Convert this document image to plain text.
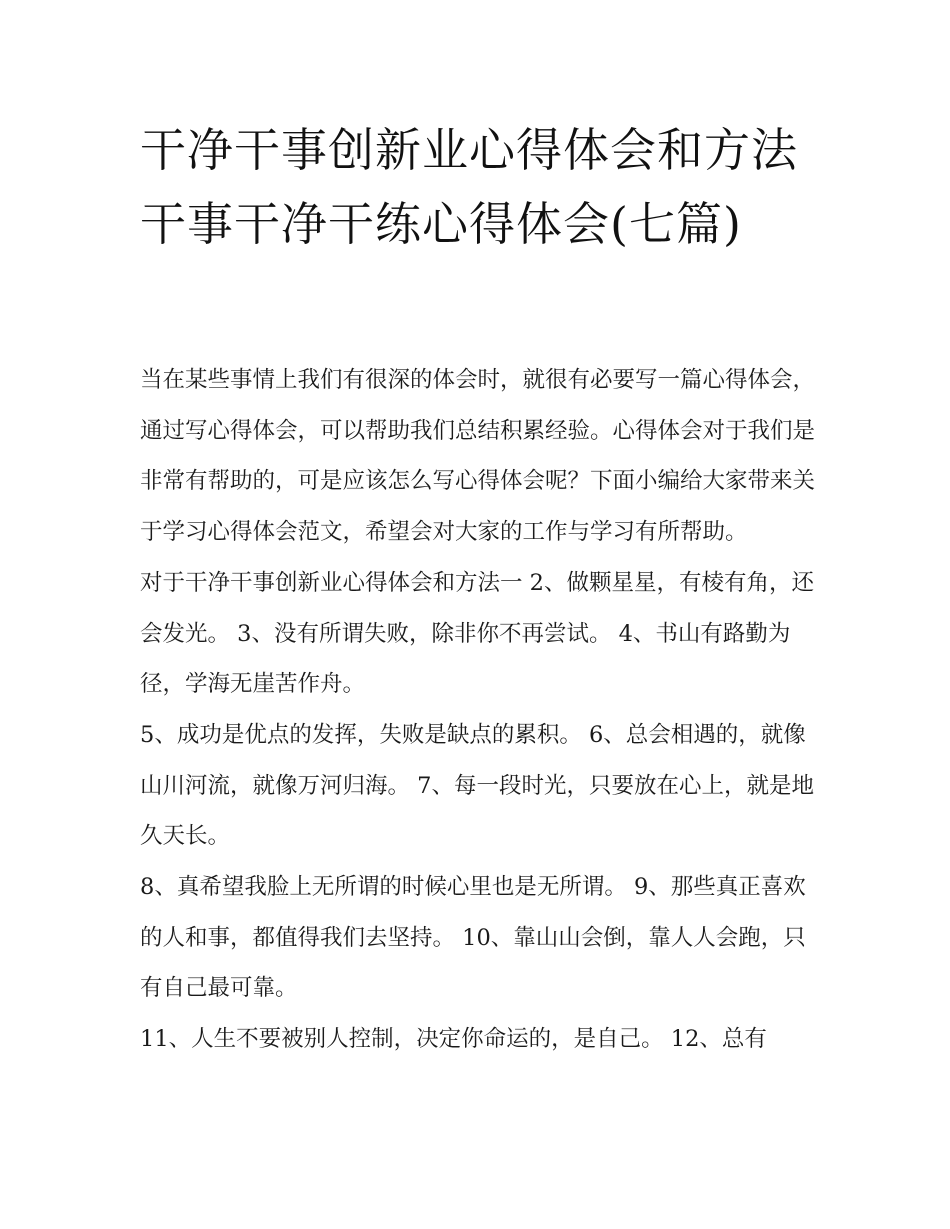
干净干事创新业心得体会和方法 干事干净干练心得体会(七篇)

当在某些事情上我们有很深的体会时，就很有必要写一篇心得体会，通过写心得体会，可以帮助我们总结积累经验。心得体会对于我们是非常有帮助的，可是应该怎么写心得体会呢？下面小编给大家带来关于学习心得体会范文，希望会对大家的工作与学习有所帮助。

对于干净干事创新业心得体会和方法一 2、做颗星星，有棱有角，还会发光。 3、没有所谓失败，除非你不再尝试。 4、书山有路勤为径，学海无崖苦作舟。

5、成功是优点的发挥，失败是缺点的累积。 6、总会相遇的，就像山川河流，就像万河归海。 7、每一段时光，只要放在心上，就是地久天长。

8、真希望我脸上无所谓的时候心里也是无所谓。 9、那些真正喜欢的人和事，都值得我们去坚持。 10、靠山山会倒，靠人人会跑，只有自己最可靠。

11、人生不要被别人控制，决定你命运的，是自己。 12、总有
